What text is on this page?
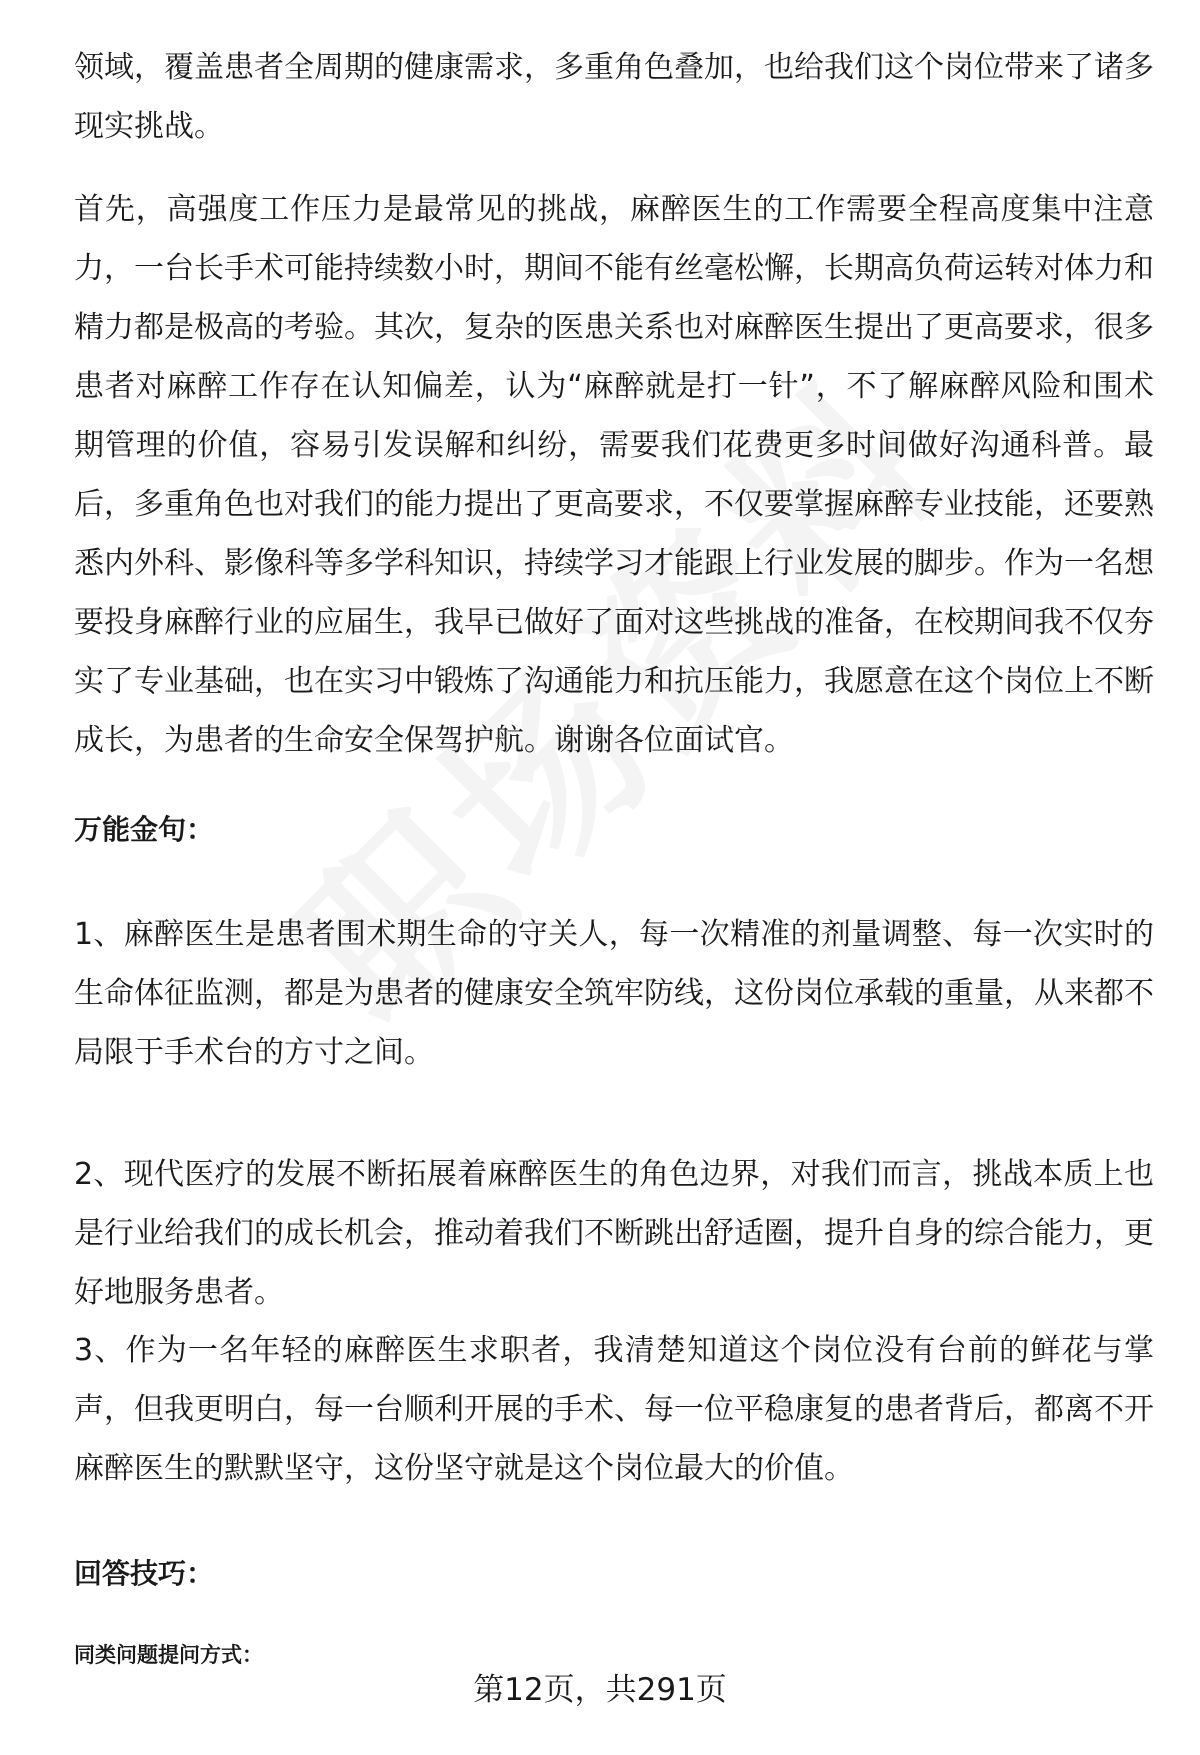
领域，覆盖患者全周期的健康需求，多重角色叠加，也给我们这个岗位带来了诸多现实挑战。

首先，高强度工作压力是最常见的挑战，麻醉医生的工作需要全程高度集中注意力，一台长手术可能持续数小时，期间不能有丝毫松懈，长期高负荷运转对体力和精力都是极高的考验。其次，复杂的医患关系也对麻醉医生提出了更高要求，很多患者对麻醉工作存在认知偏差，认为“麻醉就是打一针”，不了解麻醉风险和围术期管理的价值，容易引发误解和纠纷，需要我们花费更多时间做好沟通科普。最后，多重角色也对我们的能力提出了更高要求，不仅要掌握麻醉专业技能，还要熟悉内外科、影像科等多学科知识，持续学习才能跟上行业发展的脚步。作为一名想要投身麻醉行业的应届生，我早已做好了面对这些挑战的准备，在校期间我不仅夯实了专业基础，也在实习中锻炼了沟通能力和抗压能力，我愿意在这个岗位上不断成长，为患者的生命安全保驾护航。谢谢各位面试官。

万能金句：

1、麻醉医生是患者围术期生命的守关人，每一次精准的剂量调整、每一次实时的生命体征监测，都是为患者的健康安全筑牢防线，这份岗位承载的重量，从来都不局限于手术台的方寸之间。

2、现代医疗的发展不断拓展着麻醉医生的角色边界，对我们而言，挑战本质上也是行业给我们的成长机会，推动着我们不断跳出舒适圈，提升自身的综合能力，更好地服务患者。

3、作为一名年轻的麻醉医生求职者，我清楚知道这个岗位没有台前的鲜花与掌声，但我更明白，每一台顺利开展的手术、每一位平稳康复的患者背后，都离不开麻醉医生的默默坚守，这份坚守就是这个岗位最大的价值。

回答技巧：
同类问题提问方式：

第12页，共291页
